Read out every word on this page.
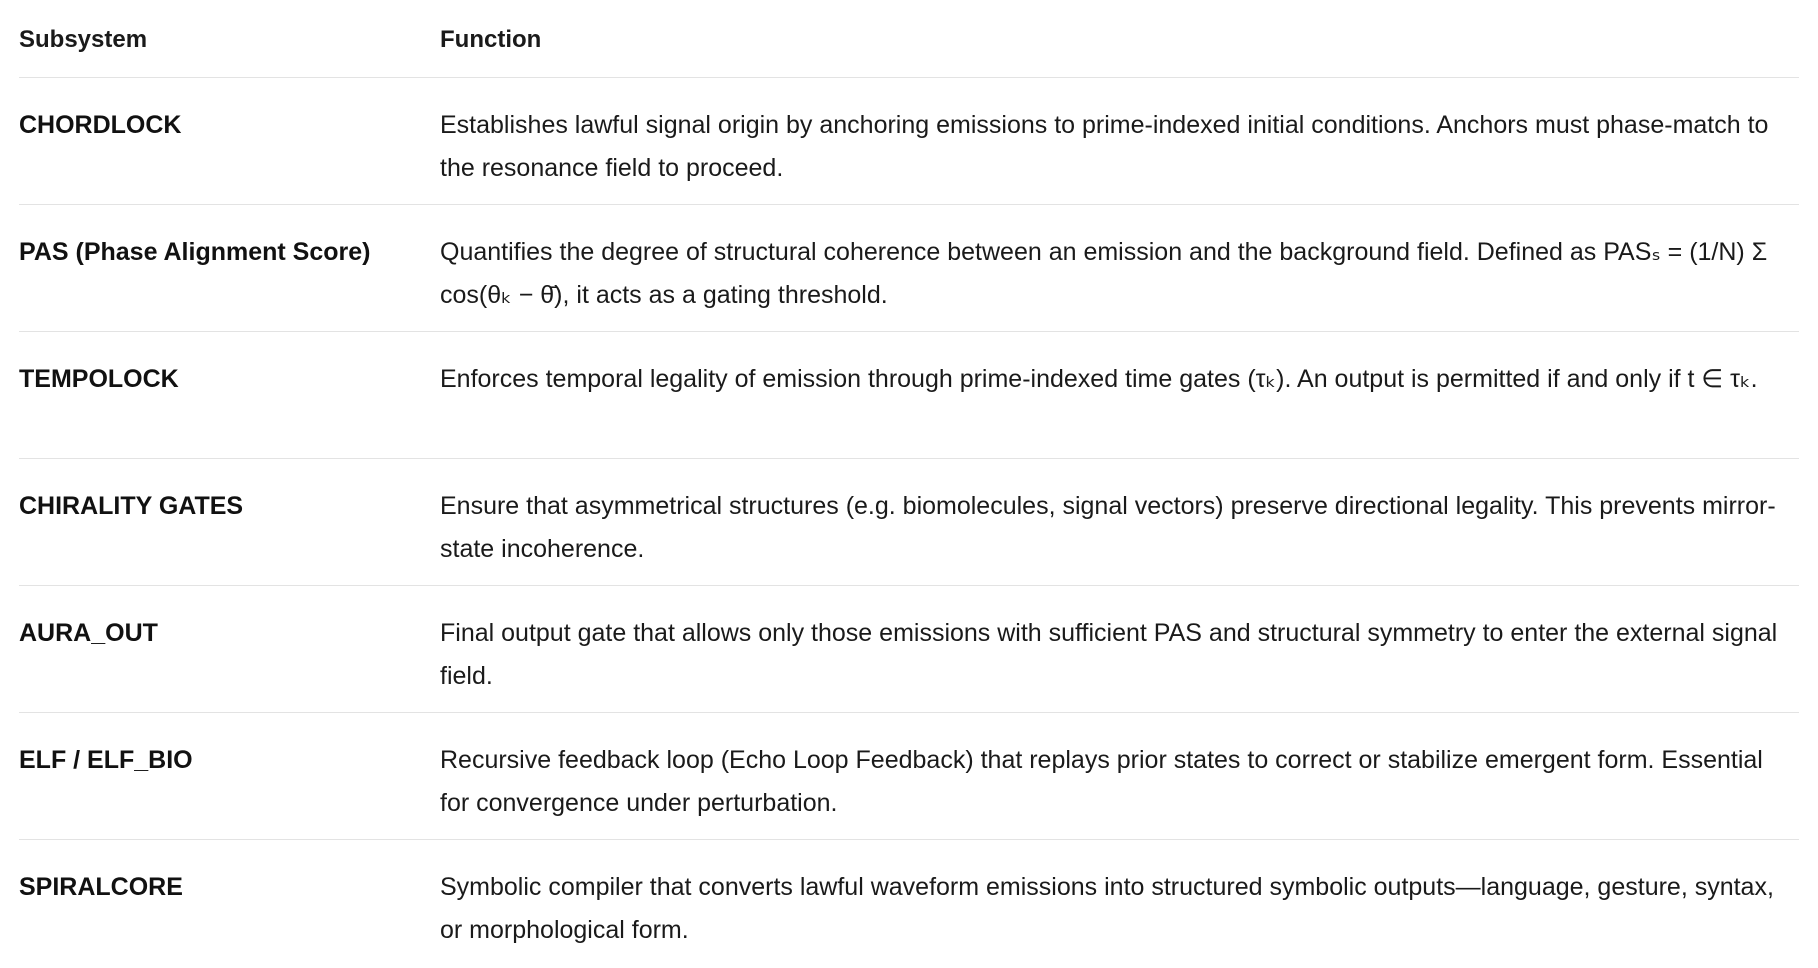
Subsystem	Function
CHORDLOCK	Establishes lawful signal origin by anchoring emissions to prime-indexed initial conditions. Anchors must phase-match to the resonance field to proceed.
PAS (Phase Alignment Score)	Quantifies the degree of structural coherence between an emission and the background field. Defined as PASₛ = (1/N) Σ cos(θₖ − θ̄), it acts as a gating threshold.
TEMPOLOCK	Enforces temporal legality of emission through prime-indexed time gates (τₖ). An output is permitted if and only if t ∈ τₖ.
CHIRALITY GATES	Ensure that asymmetrical structures (e.g. biomolecules, signal vectors) preserve directional legality. This prevents mirror-state incoherence.
AURA_OUT	Final output gate that allows only those emissions with sufficient PAS and structural symmetry to enter the external signal field.
ELF / ELF_BIO	Recursive feedback loop (Echo Loop Feedback) that replays prior states to correct or stabilize emergent form. Essential for convergence under perturbation.
SPIRALCORE	Symbolic compiler that converts lawful waveform emissions into structured symbolic outputs—language, gesture, syntax, or morphological form.
